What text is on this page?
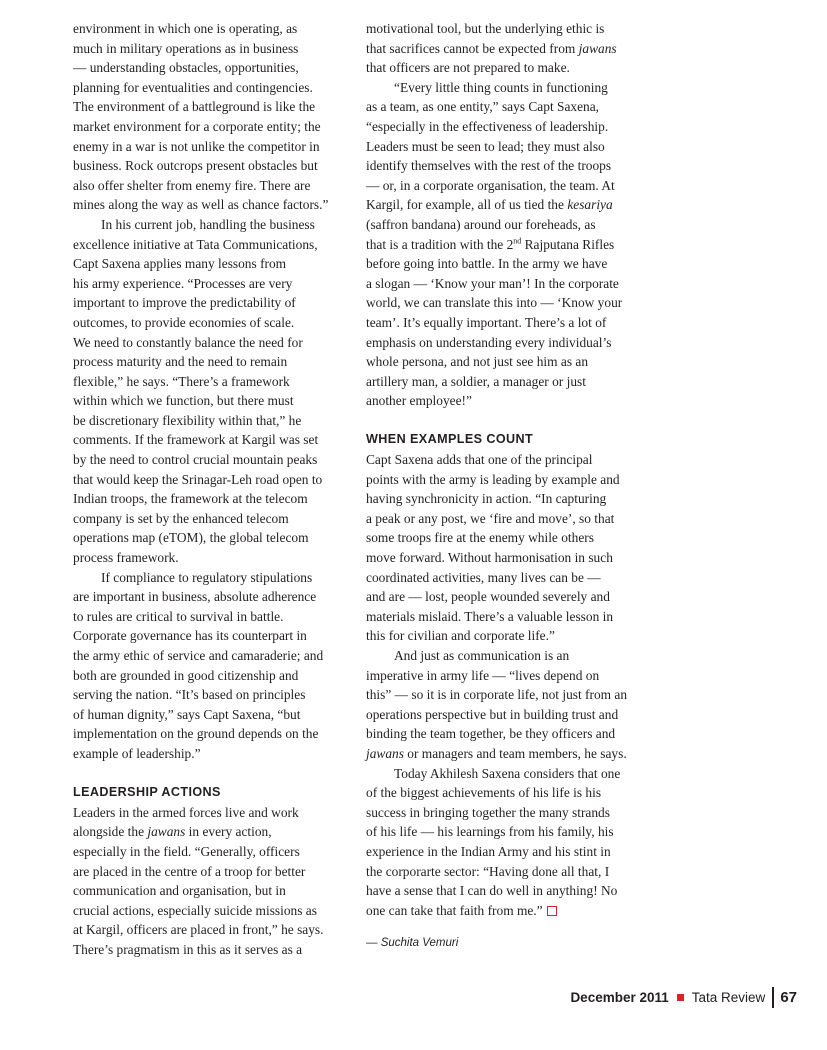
environment in which one is operating, as
much in military operations as in business
— understanding obstacles, opportunities,
planning for eventualities and contingencies.
The environment of a battleground is like the
market environment for a corporate entity; the
enemy in a war is not unlike the competitor in
business. Rock outcrops present obstacles but
also offer shelter from enemy fire. There are
mines along the way as well as chance factors.”
In his current job, handling the business
excellence initiative at Tata Communications,
Capt Saxena applies many lessons from
his army experience. “Processes are very
important to improve the predictability of
outcomes, to provide economies of scale.
We need to constantly balance the need for
process maturity and the need to remain
flexible,” he says. “There’s a framework
within which we function, but there must
be discretionary flexibility within that,” he
comments. If the framework at Kargil was set
by the need to control crucial mountain peaks
that would keep the Srinagar-Leh road open to
Indian troops, the framework at the telecom
company is set by the enhanced telecom
operations map (eTOM), the global telecom
process framework.
If compliance to regulatory stipulations
are important in business, absolute adherence
to rules are critical to survival in battle.
Corporate governance has its counterpart in
the army ethic of service and camaraderie; and
both are grounded in good citizenship and
serving the nation. “It’s based on principles
of human dignity,” says Capt Saxena, “but
implementation on the ground depends on the
example of leadership.”
LEADERSHIP ACTIONS
Leaders in the armed forces live and work
alongside the jawans in every action,
especially in the field. “Generally, officers
are placed in the centre of a troop for better
communication and organisation, but in
crucial actions, especially suicide missions as
at Kargil, officers are placed in front,” he says.
There’s pragmatism in this as it serves as a
motivational tool, but the underlying ethic is
that sacrifices cannot be expected from jawans
that officers are not prepared to make.
“Every little thing counts in functioning
as a team, as one entity,” says Capt Saxena,
“especially in the effectiveness of leadership.
Leaders must be seen to lead; they must also
identify themselves with the rest of the troops
— or, in a corporate organisation, the team. At
Kargil, for example, all of us tied the kesariya
(saffron bandana) around our foreheads, as
that is a tradition with the 2nd Rajputana Rifles
before going into battle. In the army we have
a slogan — ‘Know your man’! In the corporate
world, we can translate this into — ‘Know your
team’. It’s equally important. There’s a lot of
emphasis on understanding every individual’s
whole persona, and not just see him as an
artillery man, a soldier, a manager or just
another employee!”
WHEN EXAMPLES COUNT
Capt Saxena adds that one of the principal
points with the army is leading by example and
having synchronicity in action. “In capturing
a peak or any post, we ‘fire and move’, so that
some troops fire at the enemy while others
move forward. Without harmonisation in such
coordinated activities, many lives can be —
and are — lost, people wounded severely and
materials mislaid. There’s a valuable lesson in
this for civilian and corporate life.”
And just as communication is an
imperative in army life — “lives depend on
this” — so it is in corporate life, not just from an
operations perspective but in building trust and
binding the team together, be they officers and
jawans or managers and team members, he says.
Today Akhilesh Saxena considers that one
of the biggest achievements of his life is his
success in bringing together the many strands
of his life — his learnings from his family, his
experience in the Indian Army and his stint in
the corporarte sector: “Having done all that, I
have a sense that I can do well in anything! No
one can take that faith from me.”
— Suchita Vemuri
December 2011 Tata Review 67
